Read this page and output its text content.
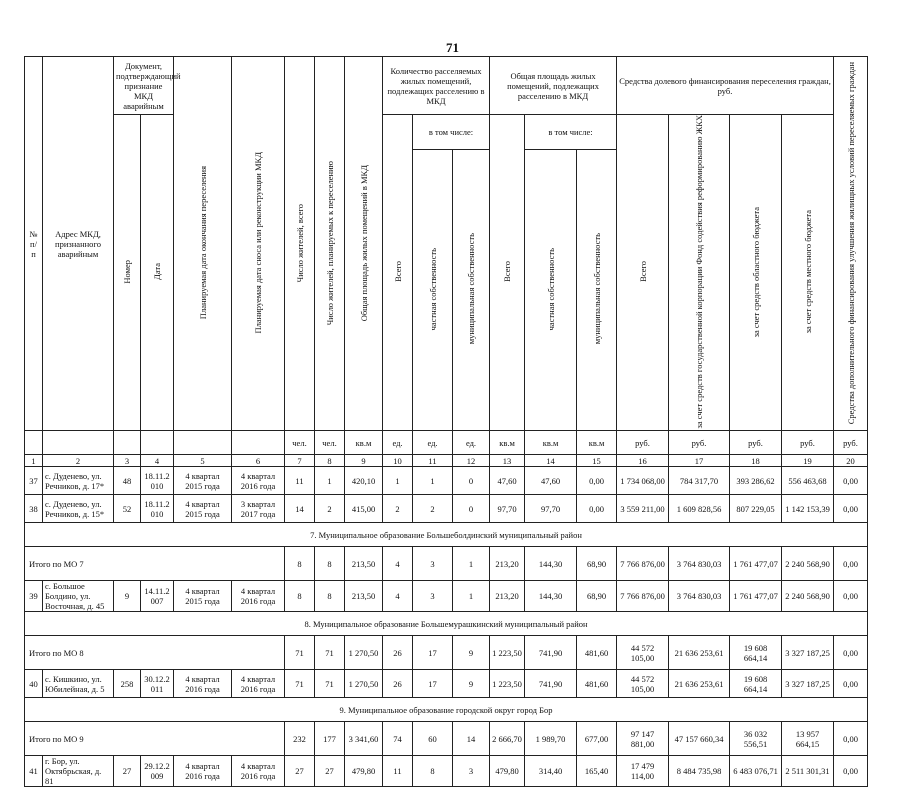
71
№ п/ п	Адрес МКД, признанного аварийным	Документ, подтверждающий признание МКД аварийным		Планируемая дата окончания переселения	Планируемая дата сноса или реконструкции МКД	Число жителей, всего	Число жителей, планируемых к переселению	Общая площадь жилых помещений в МКД	Количество расселяемых жилых помещений, подлежащих расселению в МКД			Общая площадь жилых помещений, подлежащих расселению в МКД			Средства долевого финансирования переселения граждан, руб.				Средства дополнительного финансирования улучшения жилищных условий переселяемых граждан
		Номер	Дата						Всего	в том числе:		Всего	в том числе:		Всего	за счет средств государственной корпорации Фонд содействия реформированию ЖКХ	за счет средств областного бюджета	за счет средств местного бюджета	
										частная собственность	муниципальная собственность		частная собственность	муниципальная собственность					
						чел.	чел.	кв.м	ед.	ед.	ед.	кв.м	кв.м	кв.м	руб.	руб.	руб.	руб.	руб.
1	2	3	4	5	6	7	8	9	10	11	12	13	14	15	16	17	18	19	20
37	с. Дуденево, ул. Речников, д. 17*	48	18.11.2 010	4 квартал 2015 года	4 квартал 2016 года	11	1	420,10	1	1	0	47,60	47,60	0,00	1 734 068,00	784 317,70	393 286,62	556 463,68	0,00
38	с. Дуденево, ул. Речников, д. 15*	52	18.11.2 010	4 квартал 2015 года	3 квартал 2017 года	14	2	415,00	2	2	0	97,70	97,70	0,00	3 559 211,00	1 609 828,56	807 229,05	1 142 153,39	0,00
7. Муниципальное образование Большеболдинский муниципальный район																			
Итого по МО 7						8	8	213,50	4	3	1	213,20	144,30	68,90	7 766 876,00	3 764 830,03	1 761 477,07	2 240 568,90	0,00
39	с. Большое Болдино, ул. Восточная, д. 45	9	14.11.2 007	4 квартал 2015 года	4 квартал 2016 года	8	8	213,50	4	3	1	213,20	144,30	68,90	7 766 876,00	3 764 830,03	1 761 477,07	2 240 568,90	0,00
8. Муниципальное образование Большемурашкинский муниципальный район																			
Итого по МО 8						71	71	1 270,50	26	17	9	1 223,50	741,90	481,60	44 572 105,00	21 636 253,61	19 608 664,14	3 327 187,25	0,00
40	с. Кишкино, ул. Юбилейная, д. 5	258	30.12.2 011	4 квартал 2016 года	4 квартал 2016 года	71	71	1 270,50	26	17	9	1 223,50	741,90	481,60	44 572 105,00	21 636 253,61	19 608 664,14	3 327 187,25	0,00
9. Муниципальное образование городской округ город Бор																			
Итого по МО 9						232	177	3 341,60	74	60	14	2 666,70	1 989,70	677,00	97 147 881,00	47 157 660,34	36 032 556,51	13 957 664,15	0,00
41	г. Бор, ул. Октябрьская, д. 81	27	29.12.2 009	4 квартал 2016 года	4 квартал 2016 года	27	27	479,80	11	8	3	479,80	314,40	165,40	17 479 114,00	8 484 735,98	6 483 076,71	2 511 301,31	0,00
